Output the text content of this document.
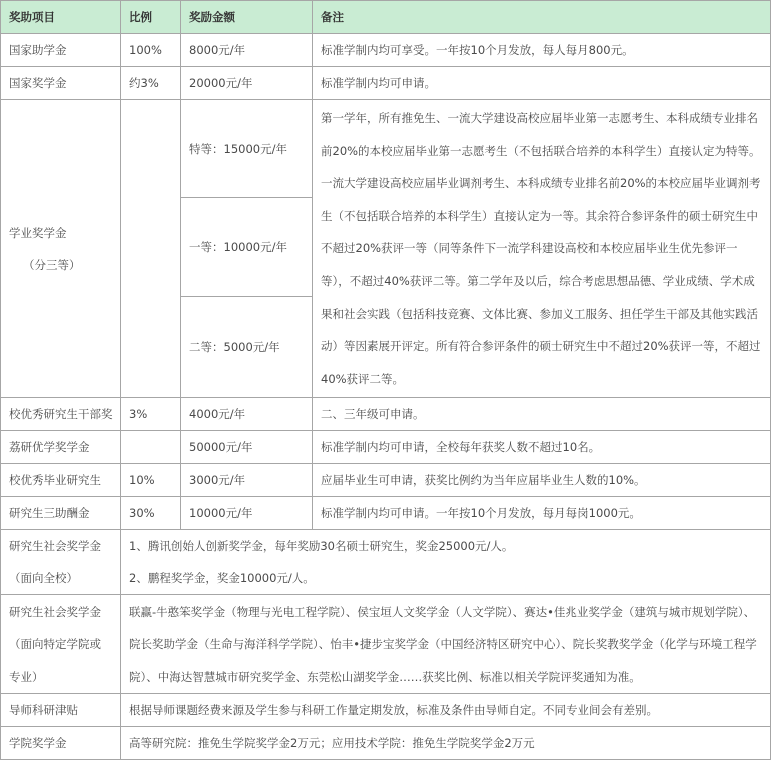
奖助项目	比例	奖励金额	备注
国家助学金	100%	8000元/年	标准学制内均可享受。一年按10个月发放，每人每月800元。
国家奖学金	约3%	20000元/年	标准学制内均可申请。

学业奖学金
（分三等）		特等：15000元/年	第一学年，所有推免生、一流大学建设高校应届毕业第一志愿考生、本科成绩专业排名前20%的本校应届毕业第一志愿考生（不包括联合培养的本科学生）直接认定为特等。一流大学建设高校应届毕业调剂考生、本科成绩专业排名前20%的本校应届毕业调剂考生（不包括联合培养的本科学生）直接认定为一等。其余符合参评条件的硕士研究生中不超过20%获评一等（同等条件下一流学科建设高校和本校应届毕业生优先参评一等），不超过40%获评二等。第二学年及以后，综合考虑思想品德、学业成绩、学术成果和社会实践（包括科技竞赛、文体比赛、参加义工服务、担任学生干部及其他实践活动）等因素展开评定。所有符合参评条件的硕士研究生中不超过20%获评一等，不超过40%获评二等。
		一等：10000元/年	
		二等：5000元/年	
校优秀研究生干部奖	3%	4000元/年	二、三年级可申请。
荔研优学奖学金		50000元/年	标准学制内均可申请，全校每年获奖人数不超过10名。
校优秀毕业研究生	10%	3000元/年	应届毕业生可申请，获奖比例约为当年应届毕业生人数的10%。
研究生三助酬金	30%	10000元/年	标准学制内均可申请。一年按10个月发放，每月每岗1000元。

研究生社会奖学金
（面向全校）	1、腾讯创始人创新奖学金，每年奖励30名硕士研究生，奖金25000元/人。
2、鹏程奖学金，奖金10000元/人。		

研究生社会奖学金
（面向特定学院或专业）	联赢-牛憨笨奖学金（物理与光电工程学院）、侯宝垣人文奖学金（人文学院）、赛达•佳兆业奖学金（建筑与城市规划学院）、院长奖助学金（生命与海洋科学学院）、怡丰•捷步宝奖学金（中国经济特区研究中心）、院长奖教奖学金（化学与环境工程学院）、中海达智慧城市研究奖学金、东莞松山湖奖学金……获奖比例、标准以相关学院评奖通知为准。		
导师科研津贴	根据导师课题经费来源及学生参与科研工作量定期发放，标准及条件由导师自定。不同专业间会有差别。		
学院奖学金	高等研究院：推免生学院奖学金2万元；应用技术学院：推免生学院奖学金2万元		
